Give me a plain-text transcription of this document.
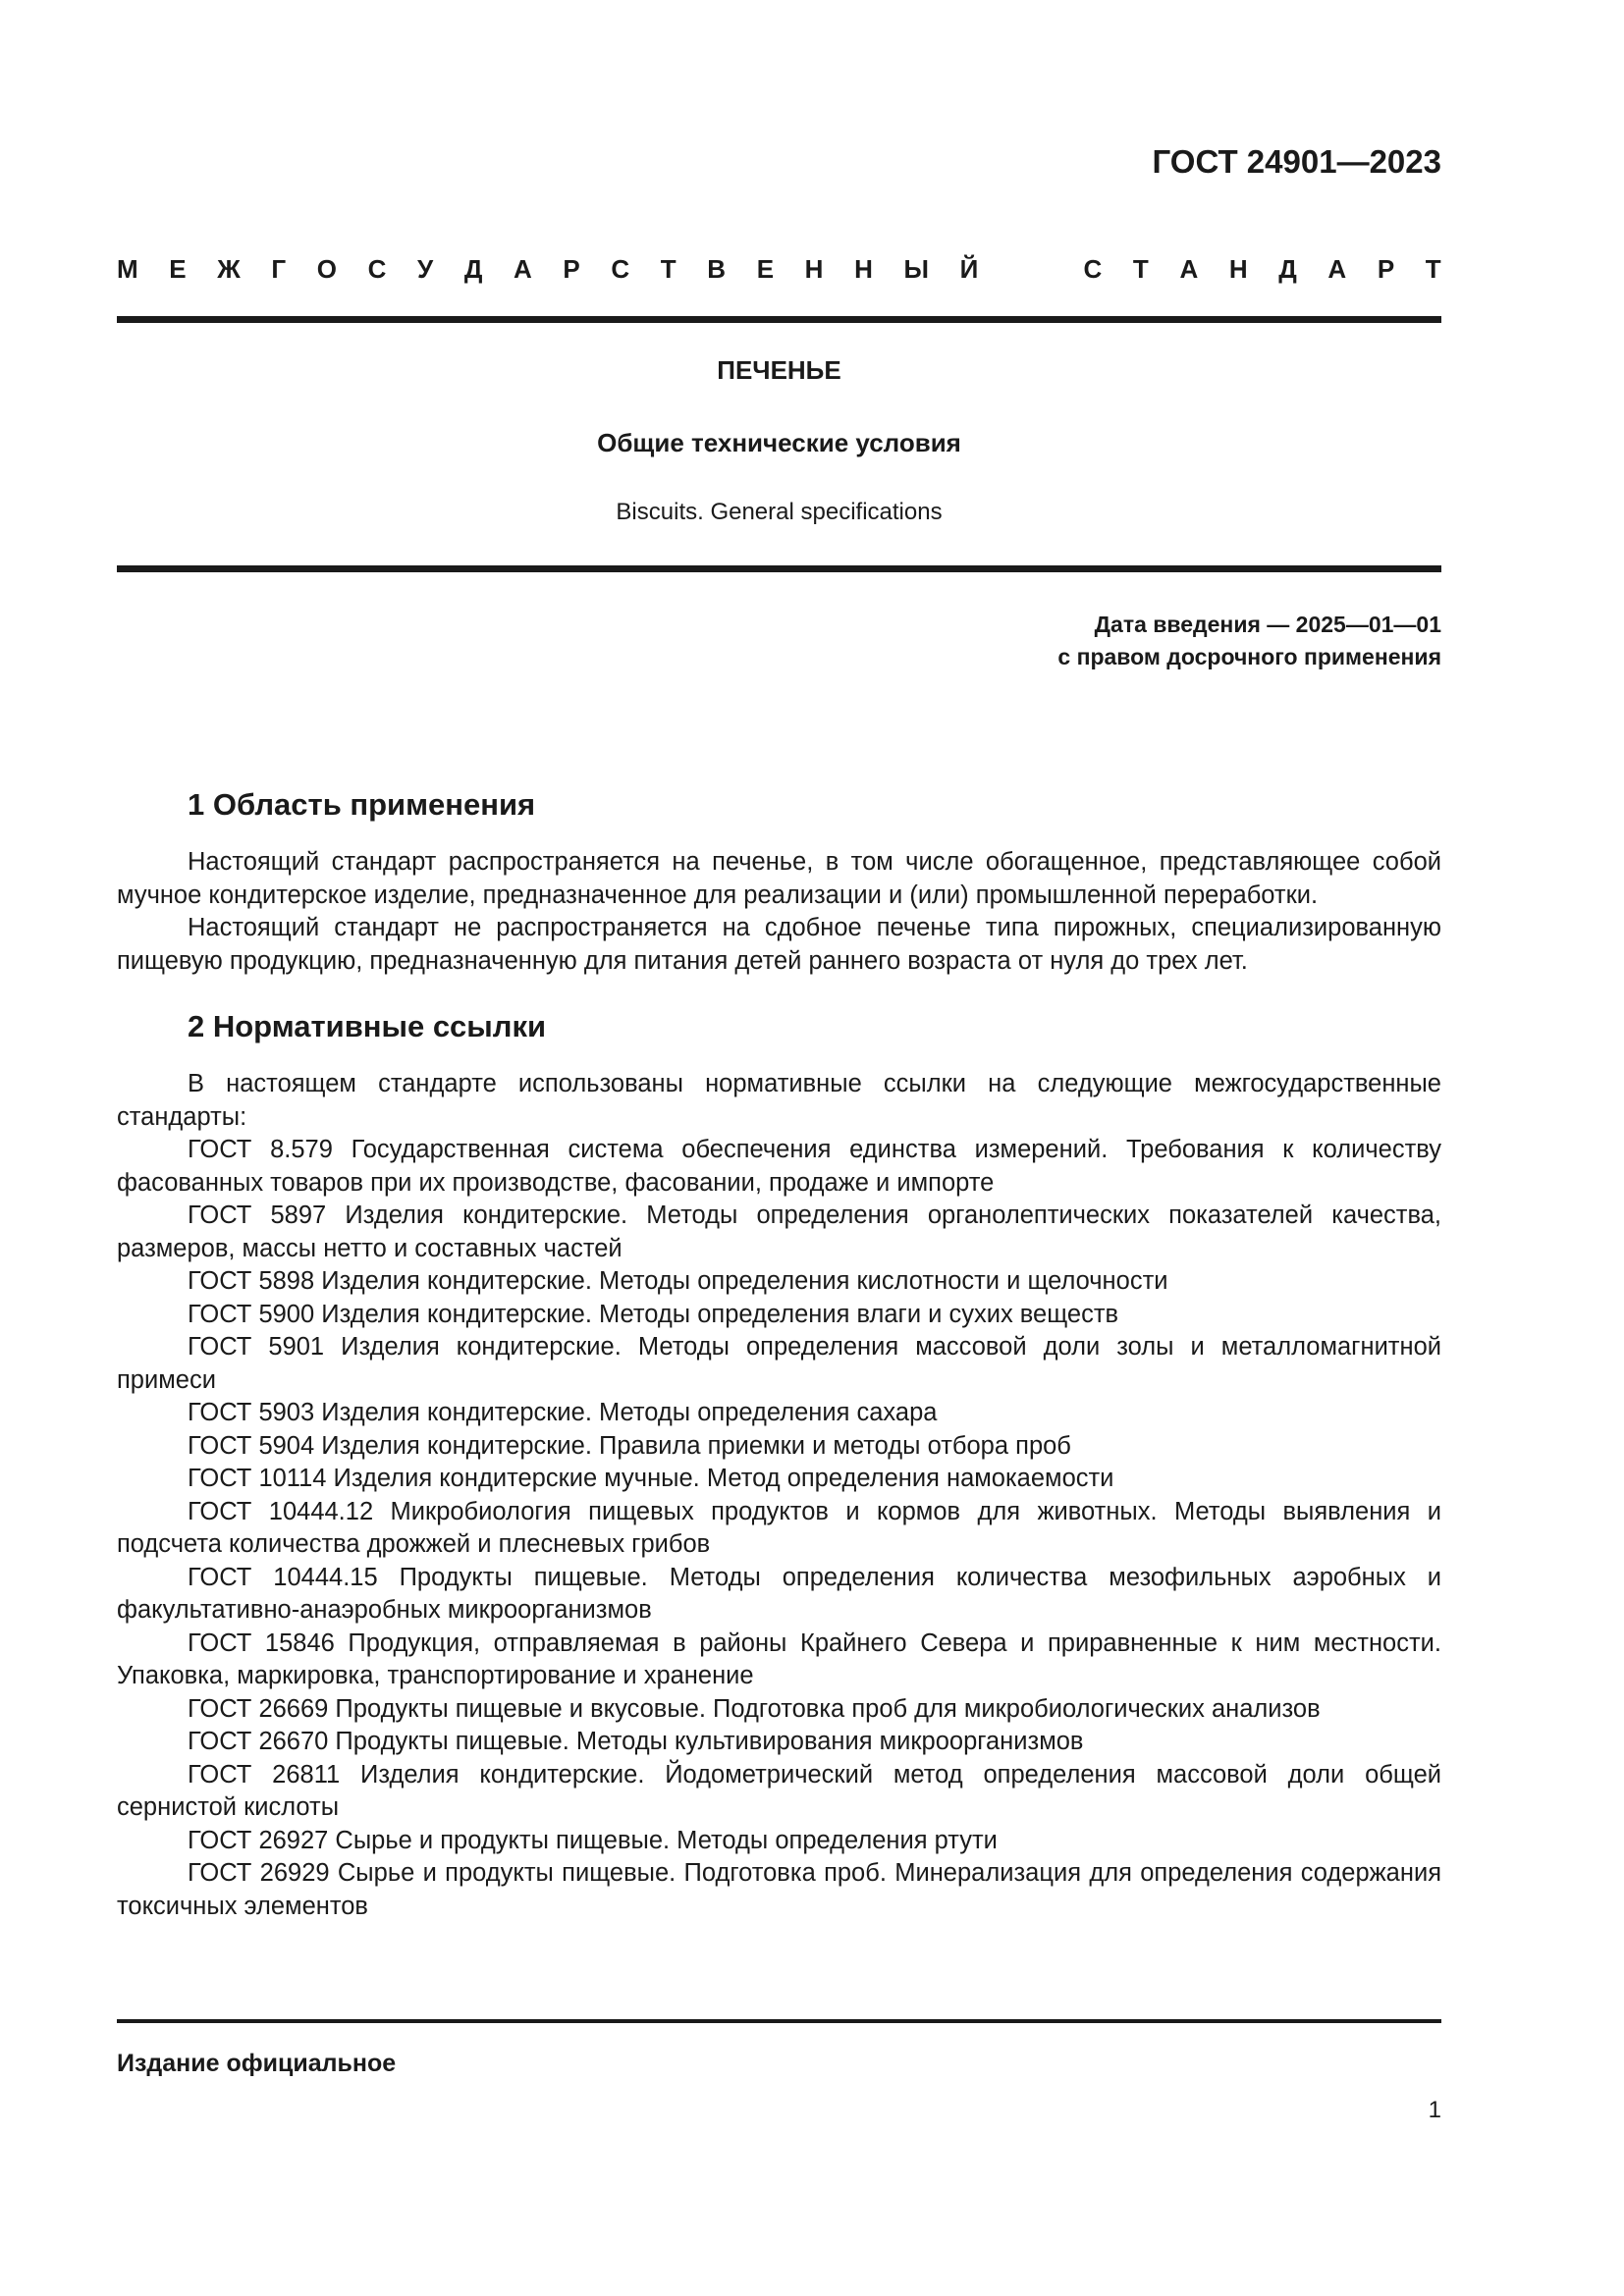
ГОСТ 24901—2023
М Е Ж Г О С У Д А Р С Т В Е Н Н Ы Й	С Т А Н Д А Р Т
ПЕЧЕНЬЕ
Общие технические условия
Biscuits. General specifications
Дата введения — 2025—01—01
с правом досрочного применения
1 Область применения

Настоящий стандарт распространяется на печенье, в том числе обогащенное, представляющее собой мучное кондитерское изделие, предназначенное для реализации и (или) промышленной переработки.

Настоящий стандарт не распространяется на сдобное печенье типа пирожных, специализированную пищевую продукцию, предназначенную для питания детей раннего возраста от нуля до трех лет.

2 Нормативные ссылки

В настоящем стандарте использованы нормативные ссылки на следующие межгосударственные стандарты:

ГОСТ 8.579 Государственная система обеспечения единства измерений. Требования к количеству фасованных товаров при их производстве, фасовании, продаже и импорте
ГОСТ 5897 Изделия кондитерские. Методы определения органолептических показателей качества, размеров, массы нетто и составных частей
ГОСТ 5898 Изделия кондитерские. Методы определения кислотности и щелочности
ГОСТ 5900 Изделия кондитерские. Методы определения влаги и сухих веществ
ГОСТ 5901 Изделия кондитерские. Методы определения массовой доли золы и металломагнитной примеси
ГОСТ 5903 Изделия кондитерские. Методы определения сахара
ГОСТ 5904 Изделия кондитерские. Правила приемки и методы отбора проб
ГОСТ 10114 Изделия кондитерские мучные. Метод определения намокаемости
ГОСТ 10444.12 Микробиология пищевых продуктов и кормов для животных. Методы выявления и подсчета количества дрожжей и плесневых грибов
ГОСТ 10444.15 Продукты пищевые. Методы определения количества мезофильных аэробных и факультативно-анаэробных микроорганизмов
ГОСТ 15846 Продукция, отправляемая в районы Крайнего Севера и приравненные к ним местности. Упаковка, маркировка, транспортирование и хранение
ГОСТ 26669 Продукты пищевые и вкусовые. Подготовка проб для микробиологических анализов
ГОСТ 26670 Продукты пищевые. Методы культивирования микроорганизмов
ГОСТ 26811 Изделия кондитерские. Йодометрический метод определения массовой доли общей сернистой кислоты
ГОСТ 26927 Сырье и продукты пищевые. Методы определения ртути
ГОСТ 26929 Сырье и продукты пищевые. Подготовка проб. Минерализация для определения содержания токсичных элементов
Издание официальное
1
